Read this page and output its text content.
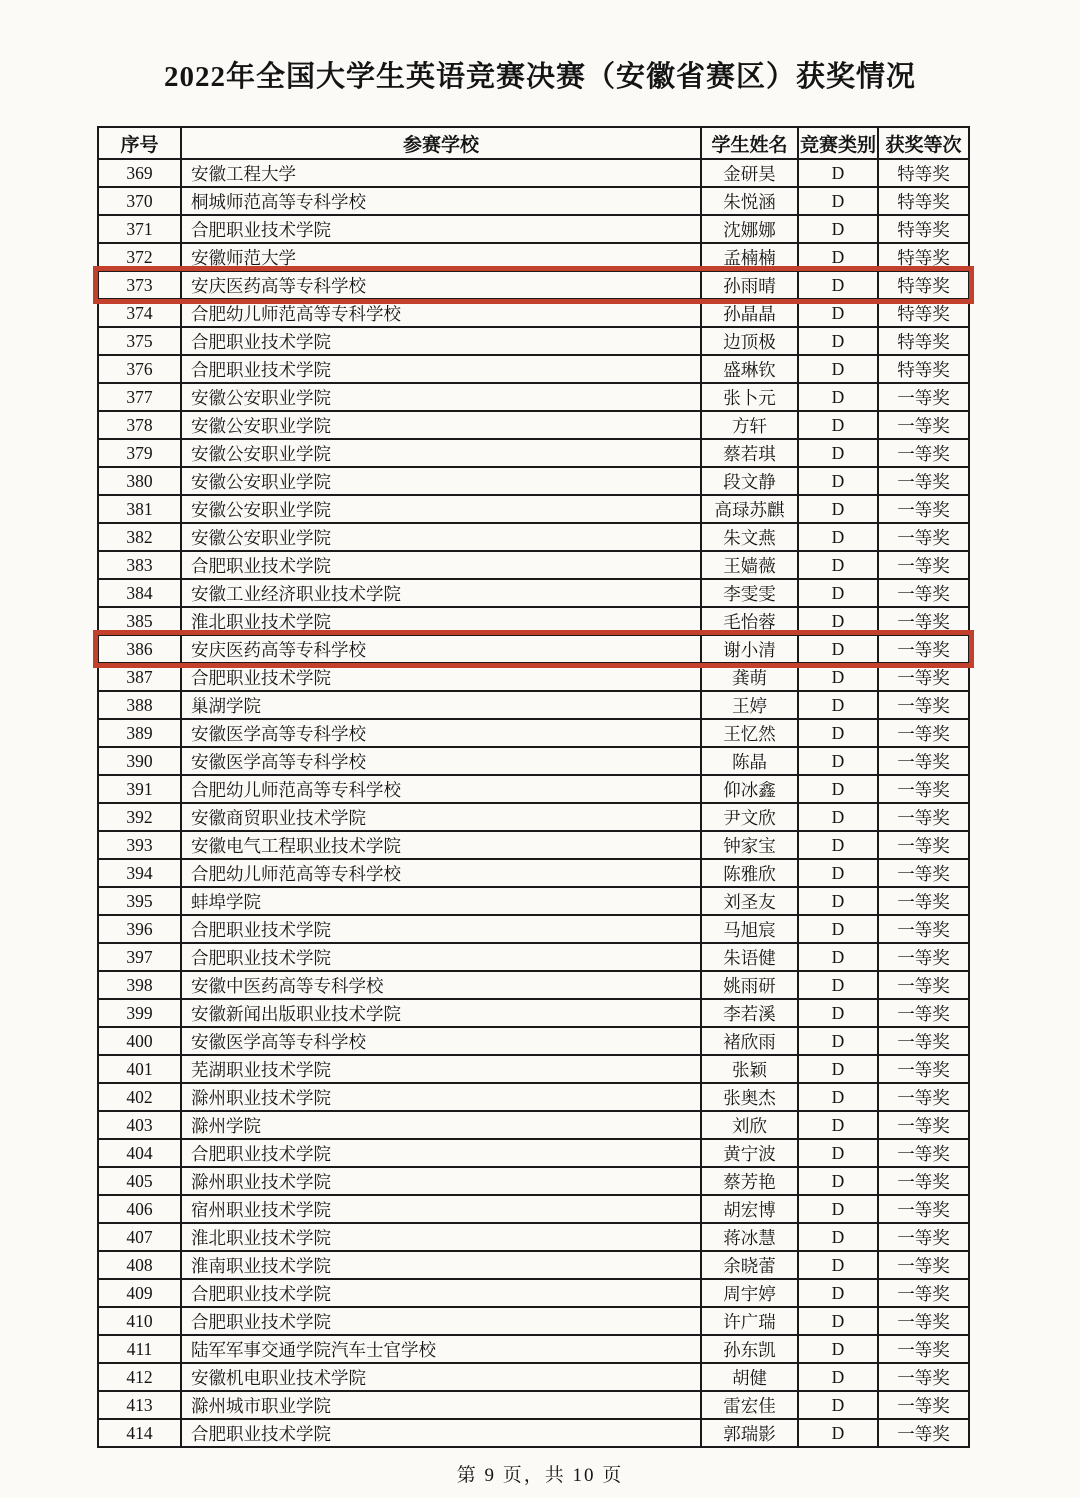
2022年全国大学生英语竞赛决赛（安徽省赛区）获奖情况
序号	参赛学校	学生姓名	竞赛类别	获奖等次
369	安徽工程大学	金研昊	D	特等奖
370	桐城师范高等专科学校	朱悦涵	D	特等奖
371	合肥职业技术学院	沈娜娜	D	特等奖
372	安徽师范大学	孟楠楠	D	特等奖
373	安庆医药高等专科学校	孙雨晴	D	特等奖
374	合肥幼儿师范高等专科学校	孙晶晶	D	特等奖
375	合肥职业技术学院	边顶极	D	特等奖
376	合肥职业技术学院	盛琳钦	D	特等奖
377	安徽公安职业学院	张卜元	D	一等奖
378	安徽公安职业学院	方轩	D	一等奖
379	安徽公安职业学院	蔡若琪	D	一等奖
380	安徽公安职业学院	段文静	D	一等奖
381	安徽公安职业学院	高琭苏麒	D	一等奖
382	安徽公安职业学院	朱文燕	D	一等奖
383	合肥职业技术学院	王嫱薇	D	一等奖
384	安徽工业经济职业技术学院	李雯雯	D	一等奖
385	淮北职业技术学院	毛怡蓉	D	一等奖
386	安庆医药高等专科学校	谢小清	D	一等奖
387	合肥职业技术学院	龚萌	D	一等奖
388	巢湖学院	王婷	D	一等奖
389	安徽医学高等专科学校	王忆然	D	一等奖
390	安徽医学高等专科学校	陈晶	D	一等奖
391	合肥幼儿师范高等专科学校	仰冰鑫	D	一等奖
392	安徽商贸职业技术学院	尹文欣	D	一等奖
393	安徽电气工程职业技术学院	钟家宝	D	一等奖
394	合肥幼儿师范高等专科学校	陈雅欣	D	一等奖
395	蚌埠学院	刘圣友	D	一等奖
396	合肥职业技术学院	马旭宸	D	一等奖
397	合肥职业技术学院	朱语健	D	一等奖
398	安徽中医药高等专科学校	姚雨研	D	一等奖
399	安徽新闻出版职业技术学院	李若溪	D	一等奖
400	安徽医学高等专科学校	褚欣雨	D	一等奖
401	芜湖职业技术学院	张颖	D	一等奖
402	滁州职业技术学院	张奥杰	D	一等奖
403	滁州学院	刘欣	D	一等奖
404	合肥职业技术学院	黄宁波	D	一等奖
405	滁州职业技术学院	蔡芳艳	D	一等奖
406	宿州职业技术学院	胡宏博	D	一等奖
407	淮北职业技术学院	蒋冰慧	D	一等奖
408	淮南职业技术学院	余晓蕾	D	一等奖
409	合肥职业技术学院	周宇婷	D	一等奖
410	合肥职业技术学院	许广瑞	D	一等奖
411	陆军军事交通学院汽车士官学校	孙东凯	D	一等奖
412	安徽机电职业技术学院	胡健	D	一等奖
413	滁州城市职业学院	雷宏佳	D	一等奖
414	合肥职业技术学院	郭瑞影	D	一等奖
第 9 页，共 10 页
